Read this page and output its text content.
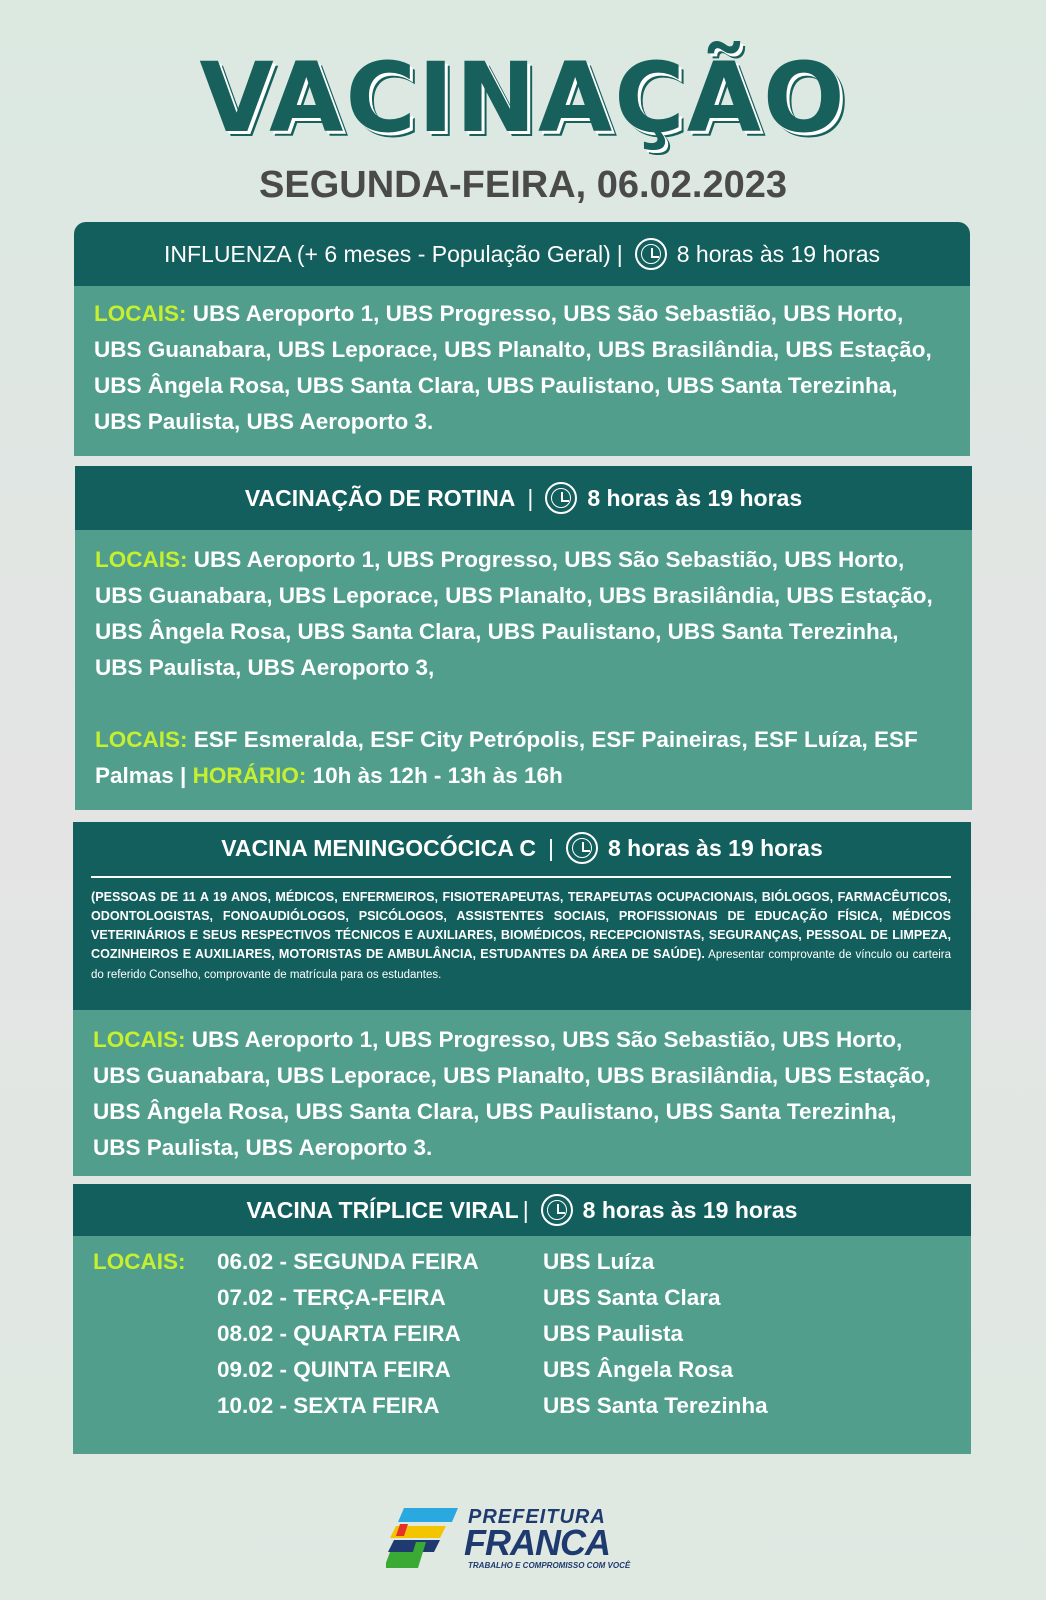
VACINAÇÃO
SEGUNDA-FEIRA, 06.02.2023
INFLUENZA (+ 6 meses - População Geral) | 8 horas às 19 horas
LOCAIS: UBS Aeroporto 1, UBS Progresso, UBS São Sebastião, UBS Horto, UBS Guanabara, UBS Leporace, UBS Planalto, UBS Brasilândia, UBS Estação, UBS Ângela Rosa, UBS Santa Clara, UBS Paulistano, UBS Santa Terezinha, UBS Paulista, UBS Aeroporto 3.
VACINAÇÃO DE ROTINA | 8 horas às 19 horas
LOCAIS: UBS Aeroporto 1, UBS Progresso, UBS São Sebastião, UBS Horto, UBS Guanabara, UBS Leporace, UBS Planalto, UBS Brasilândia, UBS Estação, UBS Ângela Rosa, UBS Santa Clara, UBS Paulistano, UBS Santa Terezinha, UBS Paulista, UBS Aeroporto 3,
LOCAIS: ESF Esmeralda, ESF City Petrópolis, ESF Paineiras, ESF Luíza, ESF Palmas | HORÁRIO: 10h às 12h - 13h às 16h
VACINA MENINGOCÓCICA C | 8 horas às 19 horas
(PESSOAS DE 11 A 19 ANOS, MÉDICOS, ENFERMEIROS, FISIOTERAPEUTAS, TERAPEUTAS OCUPACIONAIS, BIÓLOGOS, FARMACÊUTICOS, ODONTOLOGISTAS, FONOAUDIÓLOGOS, PSICÓLOGOS, ASSISTENTES SOCIAIS, PROFISSIONAIS DE EDUCAÇÃO FÍSICA, MÉDICOS VETERINÁRIOS E SEUS RESPECTIVOS TÉCNICOS E AUXILIARES, BIOMÉDICOS, RECEPCIONISTAS, SEGURANÇAS, PESSOAL DE LIMPEZA, COZINHEIROS E AUXILIARES, MOTORISTAS DE AMBULÂNCIA, ESTUDANTES DA ÁREA DE SAÚDE). Apresentar comprovante de vínculo ou carteira do referido Conselho, comprovante de matrícula para os estudantes.
LOCAIS: UBS Aeroporto 1, UBS Progresso, UBS São Sebastião, UBS Horto, UBS Guanabara, UBS Leporace, UBS Planalto, UBS Brasilândia, UBS Estação, UBS Ângela Rosa, UBS Santa Clara, UBS Paulistano, UBS Santa Terezinha, UBS Paulista, UBS Aeroporto 3.
VACINA TRÍPLICE VIRAL | 8 horas às 19 horas
LOCAIS:	06.02 - SEGUNDA FEIRA	UBS Luíza
07.02 - TERÇA-FEIRA	UBS Santa Clara
08.02 - QUARTA FEIRA	UBS Paulista
09.02 - QUINTA FEIRA	UBS Ângela Rosa
10.02 - SEXTA FEIRA	UBS Santa Terezinha
PREFEITURA
FRANCA
TRABALHO E COMPROMISSO COM VOCÊ
